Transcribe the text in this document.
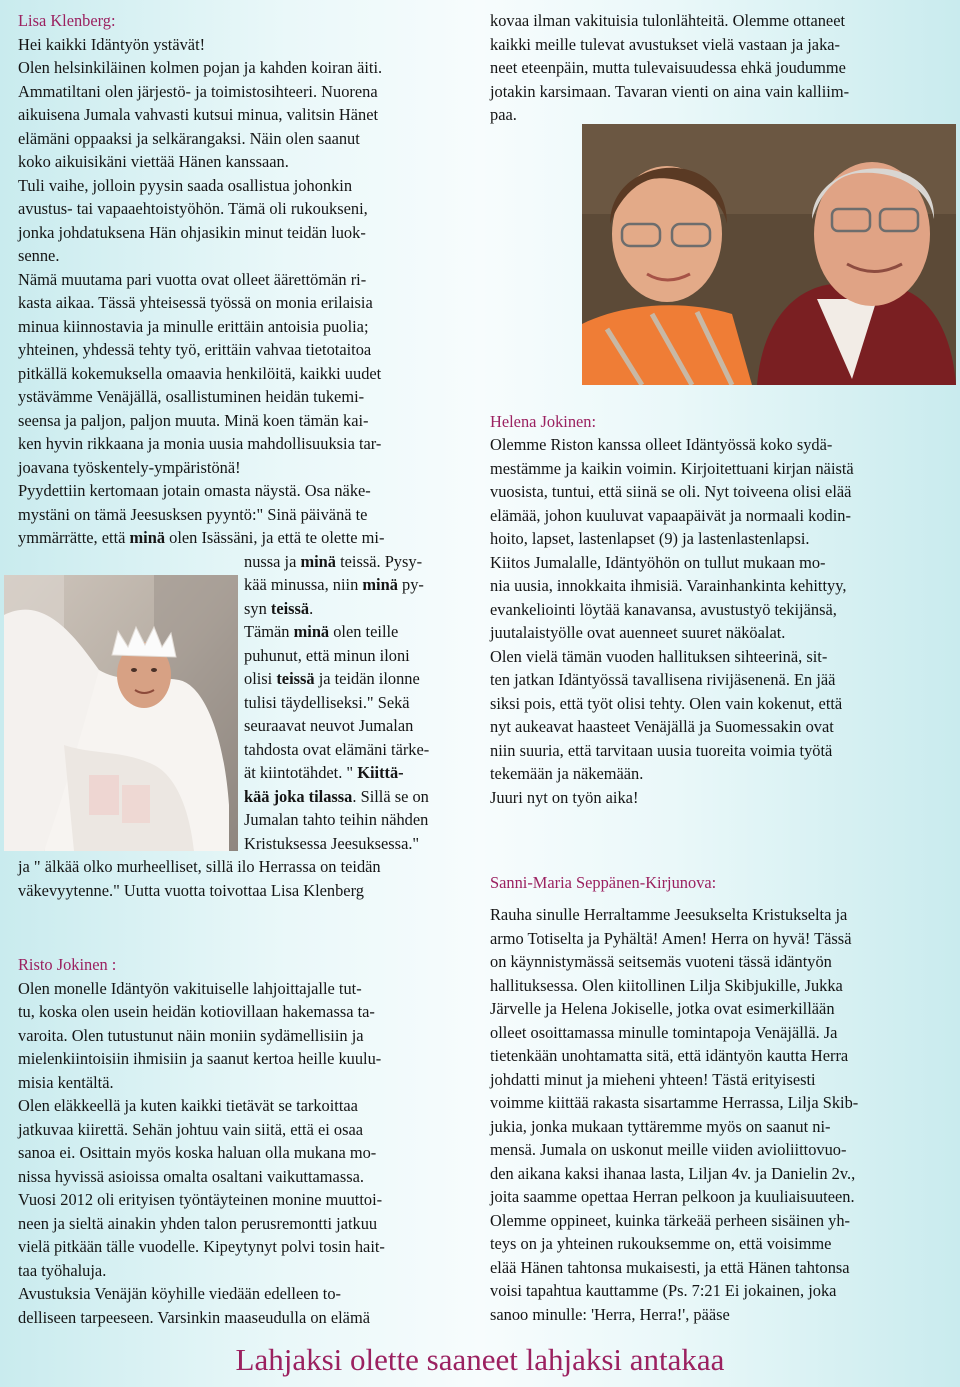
Lisa Klenberg:
Hei kaikki Idäntyön ystävät!
Olen helsinkiläinen kolmen pojan ja kahden koiran äiti.
Ammatiltani olen järjestö- ja toimistosihteeri. Nuorena
aikuisena Jumala vahvasti kutsui minua, valitsin Hänet
elämäni oppaaksi ja selkärangaksi. Näin olen saanut
koko aikuisikäni viettää Hänen kanssaan.
Tuli vaihe, jolloin pyysin saada osallistua johonkin
avustus- tai vapaaehtoistyöhön. Tämä oli rukoukseni,
jonka johdatuksena Hän ohjasikin minut teidän luok-
senne.
Nämä muutama pari vuotta ovat olleet äärettömän ri-
kasta aikaa. Tässä yhteisessä työssä on monia erilaisia
minua kiinnostavia ja minulle erittäin antoisia puolia;
yhteinen, yhdessä tehty työ, erittäin vahvaa tietotaitoa
pitkällä kokemuksella omaavia henkilöitä, kaikki uudet
ystävämme Venäjällä, osallistuminen heidän tukemi-
seensa ja paljon, paljon muuta. Minä koen tämän kai-
ken hyvin rikkaana ja monia uusia mahdollisuuksia tar-
joavana työskentely-ympäristönä!
Pyydettiin kertomaan jotain omasta näystä. Osa näke-
mystäni on tämä Jeesusksen pyyntö:" Sinä päivänä te
ymmärrätte, että minä olen Isässäni, ja että te olette mi-
nussa ja minä teissä. Pysy-
kää minussa, niin minä py-
syn teissä.
Tämän minä olen teille
puhunut, että minun iloni
olisi teissä ja teidän ilonne
tulisi täydelliseksi." Sekä
seuraavat neuvot Jumalan
tahdosta ovat elämäni tärke-
ät kiintotähdet. " Kiittä-
kää joka tilassa. Sillä se on
Jumalan tahto teihin nähden
Kristuksessa Jeesuksessa."
ja " älkää olko murheelliset, sillä ilo Herrassa on teidän
väkevyytenne." Uutta vuotta toivottaa Lisa Klenberg
Risto Jokinen :
Olen monelle Idäntyön vakituiselle lahjoittajalle tut-
tu, koska olen usein heidän kotiovillaan hakemassa ta-
varoita. Olen tutustunut näin moniin sydämellisiin ja
mielenkiintoisiin ihmisiin ja saanut kertoa heille kuulu-
misia kentältä.
Olen eläkkeellä ja kuten kaikki tietävät se tarkoittaa
jatkuvaa kiirettä. Sehän johtuu vain siitä, että ei osaa
sanoa ei. Osittain myös koska haluan olla mukana mo-
nissa hyvissä asioissa omalta osaltani vaikuttamassa.
Vuosi 2012 oli erityisen työntäyteinen monine muuttoi-
neen ja sieltä ainakin yhden talon perusremontti jatkuu
vielä pitkään tälle vuodelle. Kipeytynyt polvi tosin hait-
taa työhaluja.
Avustuksia Venäjän köyhille viedään edelleen to-
delliseen tarpeeseen. Varsinkin maaseudulla on elämä
kovaa ilman vakituisia tulonlähteitä. Olemme ottaneet
kaikki meille tulevat avustukset vielä vastaan ja jaka-
neet eteenpäin, mutta tulevaisuudessa ehkä joudumme
jotakin karsimaan. Tavaran vienti on aina vain kalliim-
paa.
Helena Jokinen:
Olemme Riston kanssa olleet Idäntyössä koko sydä-
mestämme ja kaikin voimin. Kirjoitettuani kirjan näistä
vuosista, tuntui, että siinä se oli. Nyt toiveena olisi elää
elämää, johon kuuluvat vapaapäivät ja normaali kodin-
hoito, lapset, lastenlapset (9) ja lastenlastenlapsi.
Kiitos Jumalalle, Idäntyöhön on tullut mukaan mo-
nia uusia, innokkaita ihmisiä. Varainhankinta kehittyy,
evankeliointi löytää kanavansa, avustustyö tekijänsä,
juutalaistyölle ovat auenneet suuret näköalat.
Olen vielä tämän vuoden hallituksen sihteerinä, sit-
ten jatkan Idäntyössä tavallisena rivijäsenenä. En jää
siksi pois, että työt olisi tehty. Olen vain kokenut, että
nyt aukeavat haasteet Venäjällä ja Suomessakin ovat
niin suuria, että tarvitaan uusia tuoreita voimia työtä
tekemään ja näkemään.
Juuri nyt on työn aika!
Sanni-Maria Seppänen-Kirjunova:
Rauha sinulle Herraltamme Jeesukselta Kristukselta ja
armo Totiselta ja Pyhältä! Amen! Herra on hyvä! Tässä
on käynnistymässä seitsemäs vuoteni tässä idäntyön
hallituksessa. Olen kiitollinen Lilja Skibjukille, Jukka
Järvelle ja Helena Jokiselle, jotka ovat esimerkillään
olleet osoittamassa minulle tomintapoja Venäjällä. Ja
tietenkään unohtamatta sitä, että idäntyön kautta Herra
johdatti minut ja mieheni yhteen! Tästä erityisesti
voimme kiittää rakasta sisartamme Herrassa, Lilja Skib-
jukia, jonka mukaan tyttäremme myös on saanut ni-
mensä. Jumala on uskonut meille viiden avioliittovuo-
den aikana kaksi ihanaa lasta, Liljan 4v. ja Danielin 2v.,
joita saamme opettaa Herran pelkoon ja kuuliaisuuteen.
Olemme oppineet, kuinka tärkeää perheen sisäinen yh-
teys on ja yhteinen rukouksemme on, että voisimme
elää Hänen tahtonsa mukaisesti, ja että Hänen tahtonsa
voisi tapahtua kauttamme (Ps. 7:21 Ei jokainen, joka
sanoo minulle: 'Herra, Herra!', pääse
Lahjaksi olette saaneet lahjaksi antakaa
